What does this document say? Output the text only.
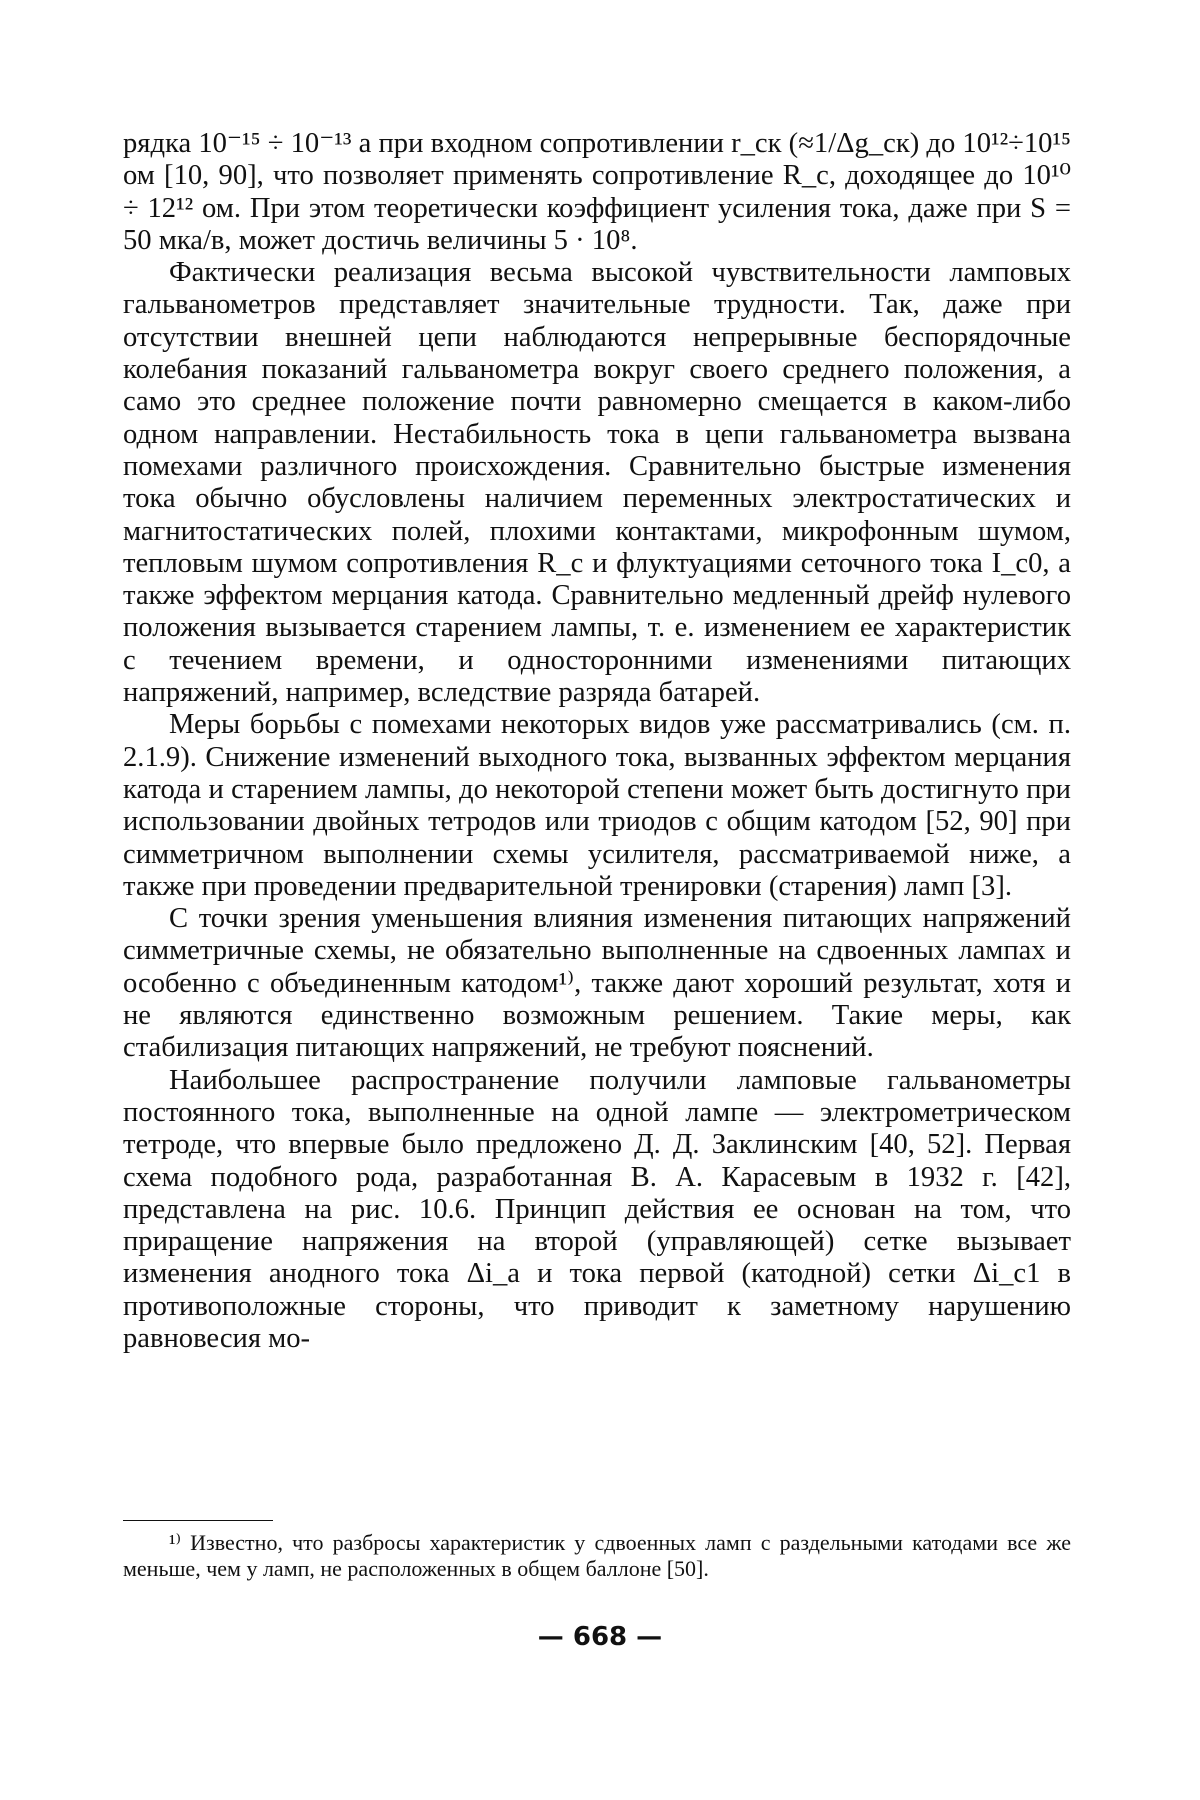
рядка 10⁻¹⁵ ÷ 10⁻¹³ а при входном сопротивлении r_ск (≈1/Δg_ск) до 10¹²÷10¹⁵ ом [10, 90], что позволяет применять сопротивление R_с, доходящее до 10¹⁰ ÷ 12¹² ом. При этом теоретически коэффициент усиления тока, даже при S = 50 мка/в, может достичь величины 5 · 10⁸.

Фактически реализация весьма высокой чувствительности ламповых гальванометров представляет значительные трудности. Так, даже при отсутствии внешней цепи наблюдаются непрерывные беспорядочные колебания показаний гальванометра вокруг своего среднего положения, а само это среднее положение почти равномерно смещается в каком-либо одном направлении. Нестабильность тока в цепи гальванометра вызвана помехами различного происхождения. Сравнительно быстрые изменения тока обычно обусловлены наличием переменных электростатических и магнитостатических полей, плохими контактами, микрофонным шумом, тепловым шумом сопротивления R_с и флуктуациями сеточного тока I_с0, а также эффектом мерцания катода. Сравнительно медленный дрейф нулевого положения вызывается старением лампы, т. е. изменением ее характеристик с течением времени, и односторонними изменениями питающих напряжений, например, вследствие разряда батарей.

Меры борьбы с помехами некоторых видов уже рассматривались (см. п. 2.1.9). Снижение изменений выходного тока, вызванных эффектом мерцания катода и старением лампы, до некоторой степени может быть достигнуто при использовании двойных тетродов или триодов с общим катодом [52, 90] при симметричном выполнении схемы усилителя, рассматриваемой ниже, а также при проведении предварительной тренировки (старения) ламп [3].

С точки зрения уменьшения влияния изменения питающих напряжений симметричные схемы, не обязательно выполненные на сдвоенных лампах и особенно с объединенным катодом¹⁾, также дают хороший результат, хотя и не являются единственно возможным решением. Такие меры, как стабилизация питающих напряжений, не требуют пояснений.

Наибольшее распространение получили ламповые гальванометры постоянного тока, выполненные на одной лампе — электрометрическом тетроде, что впервые было предложено Д. Д. Заклинским [40, 52]. Первая схема подобного рода, разработанная В. А. Карасевым в 1932 г. [42], представлена на рис. 10.6. Принцип действия ее основан на том, что приращение напряжения на второй (управляющей) сетке вызывает изменения анодного тока Δi_а и тока первой (катодной) сетки Δi_с1 в противоположные стороны, что приводит к заметному нарушению равновесия мо-

¹⁾ Известно, что разбросы характеристик у сдвоенных ламп с раздельными катодами все же меньше, чем у ламп, не расположенных в общем баллоне [50].

— 668 —
